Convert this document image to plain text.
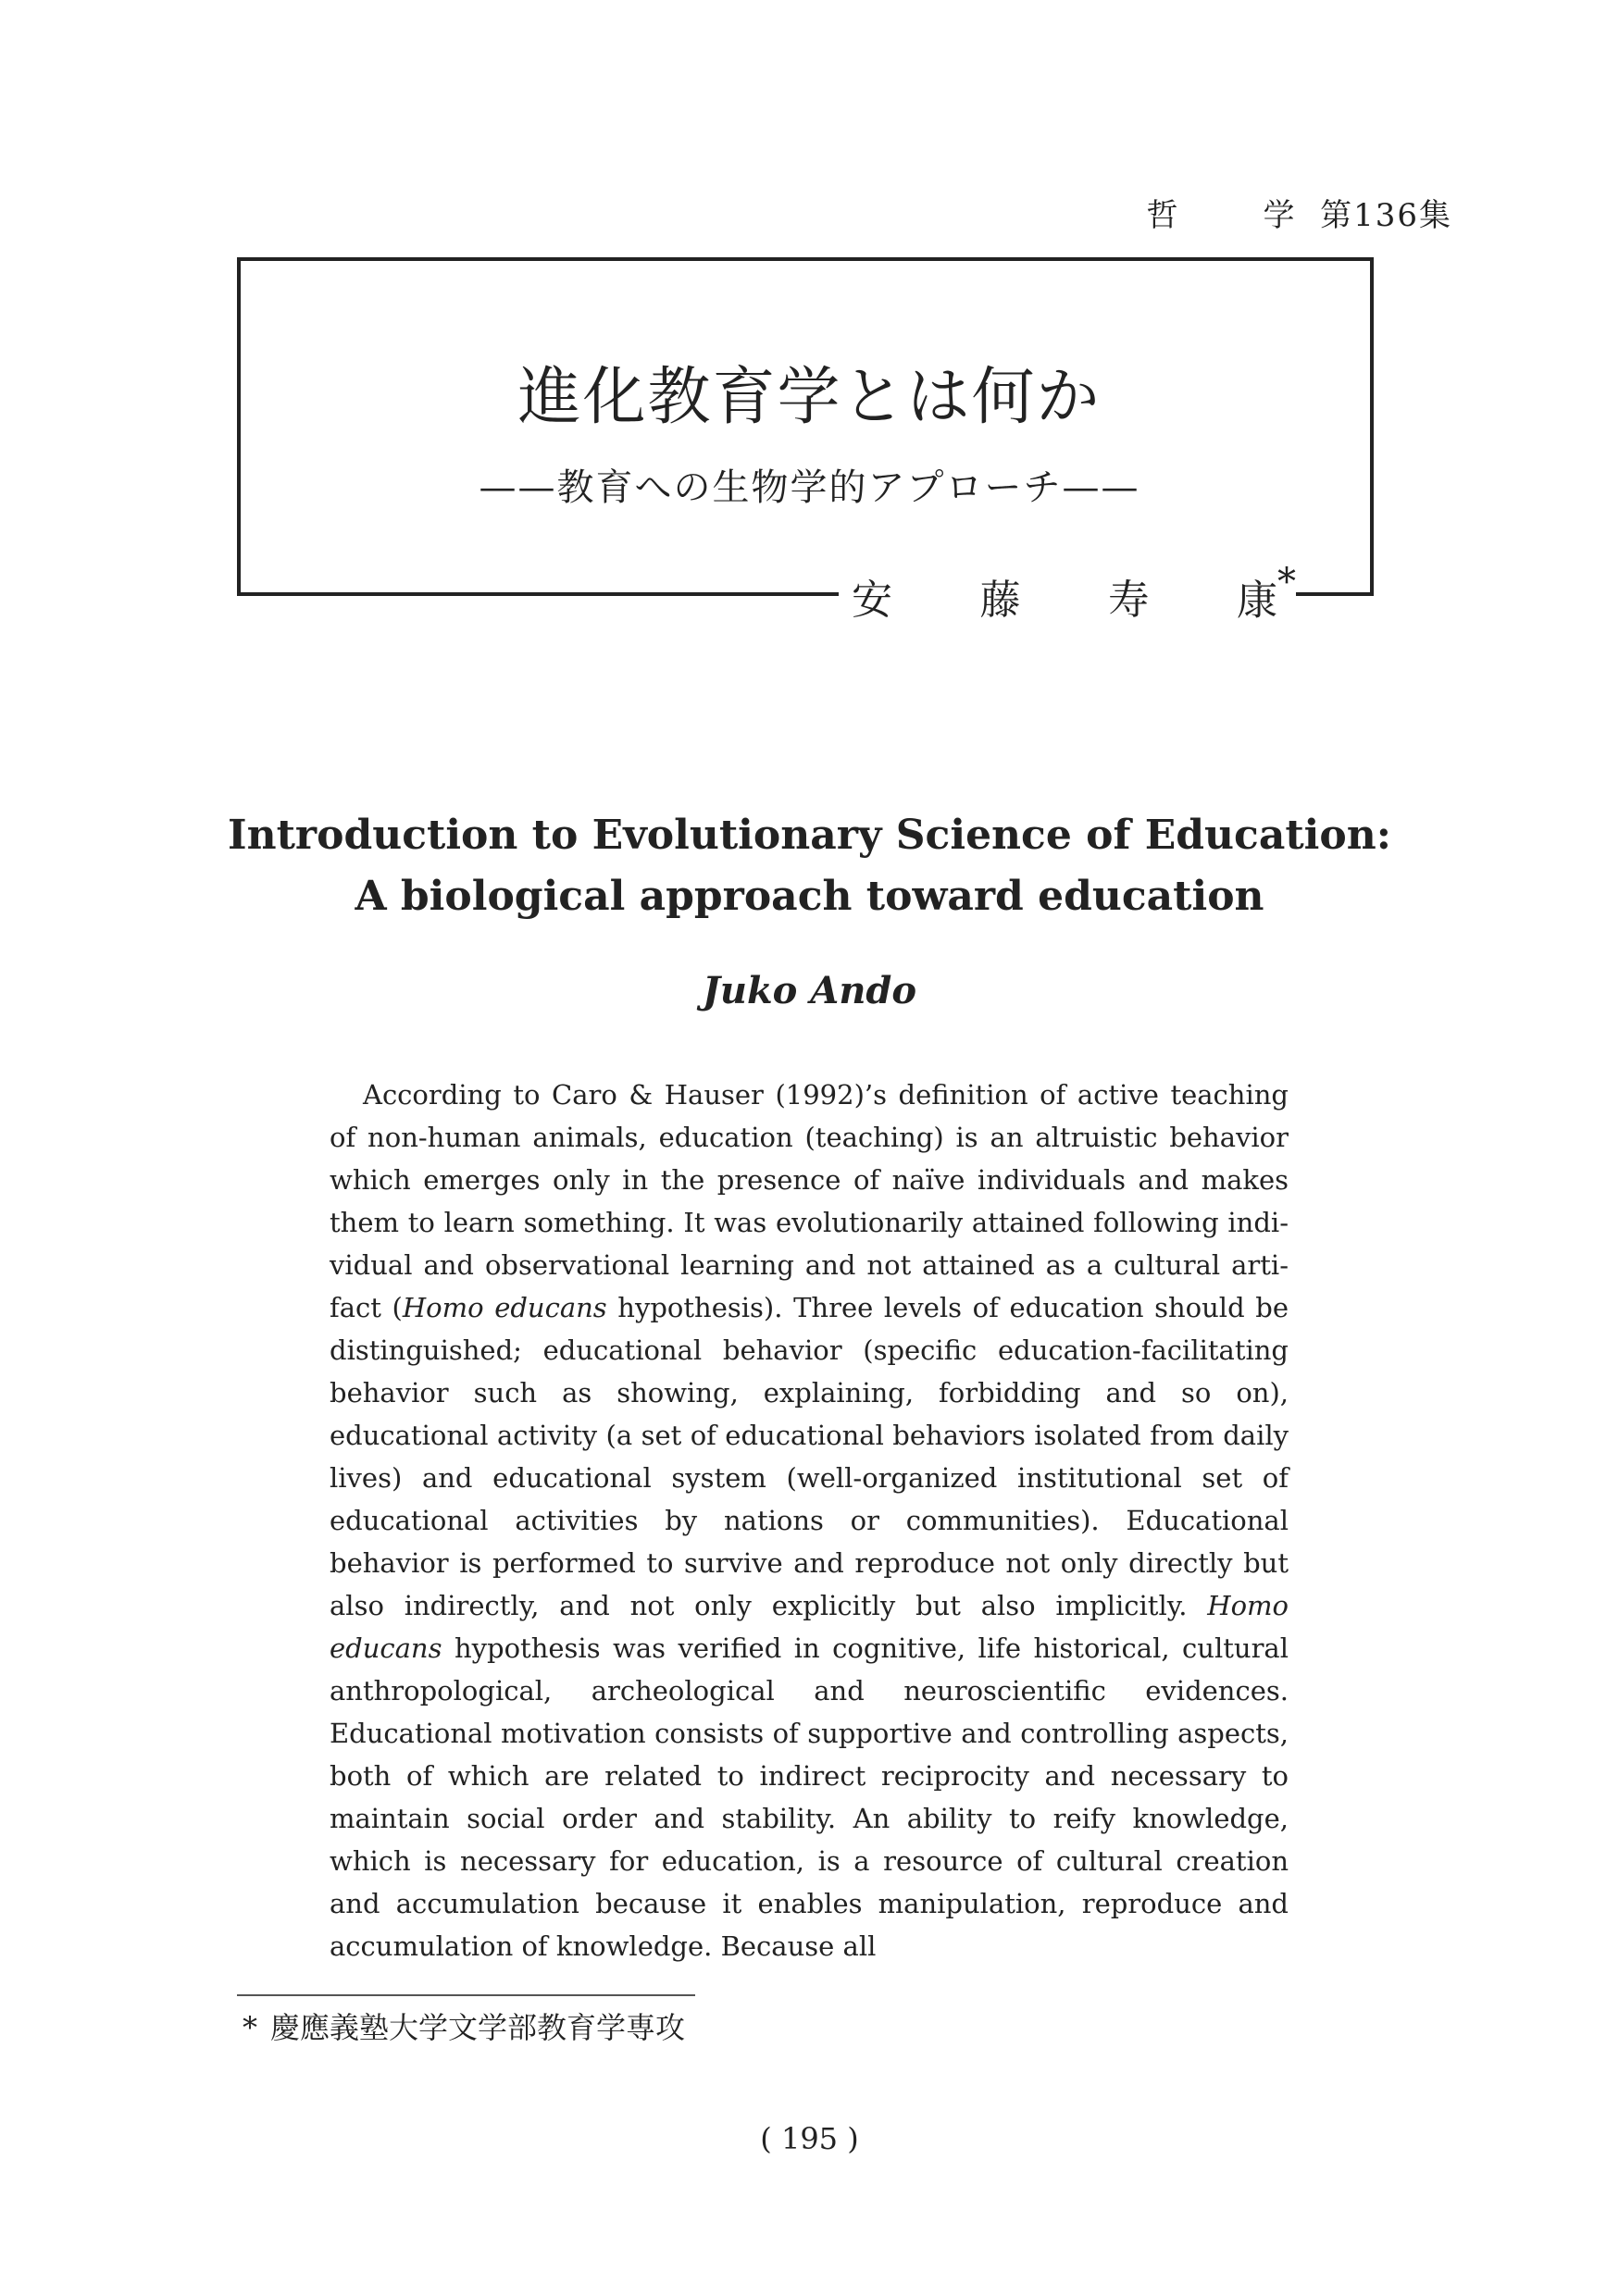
哲	学 第136集
進化教育学とは何か
——教育への生物学的アプローチ——
安 藤 寿 康*
Introduction to Evolutionary Science of Education:
A biological approach toward education
Juko Ando

According to Caro & Hauser (1992)’s definition of active teaching of non-human animals, education (teaching) is an altruistic behavior which emerges only in the presence of naïve individuals and makes them to learn something. It was evolutionarily attained following individual and observational learning and not attained as a cultural artifact (Homo educans hypothesis). Three levels of education should be distinguished; educational behavior (specific education-facilitating behavior such as showing, explaining, forbidding and so on), educational activity (a set of educational behaviors isolated from daily lives) and educational system (well-organized institutional set of educational activities by nations or communities). Educational behavior is performed to survive and reproduce not only directly but also indirectly, and not only explicitly but also implicitly. Homo educans hypothesis was verified in cognitive, life historical, cultural anthropological, archeological and neuroscientific evidences. Educational motivation consists of supportive and controlling aspects, both of which are related to indirect reciprocity and necessary to maintain social order and stability. An ability to reify knowledge, which is necessary for education, is a resource of cultural creation and accumulation because it enables manipulation, reproduce and accumulation of knowledge. Because all

* 慶應義塾大学文学部教育学専攻
( 195 )
